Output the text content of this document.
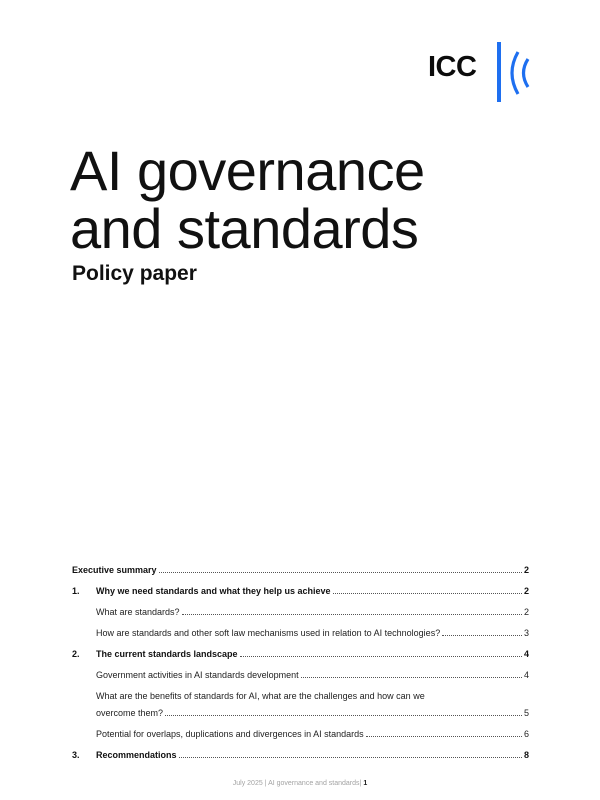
ICC
AI governance
and standards
Policy paper
Executive summary	2
1.	Why we need standards and what they help us achieve	2
What are standards?	2
How are standards and other soft law mechanisms used in relation to AI technologies?	3
2.	The current standards landscape	4
Government activities in AI standards development	4
What are the benefits of standards for AI, what are the challenges and how can we
overcome them?	5
Potential for overlaps, duplications and divergences in AI standards	6
3.	Recommendations	8
July 2025 | AI governance and standards| 1
